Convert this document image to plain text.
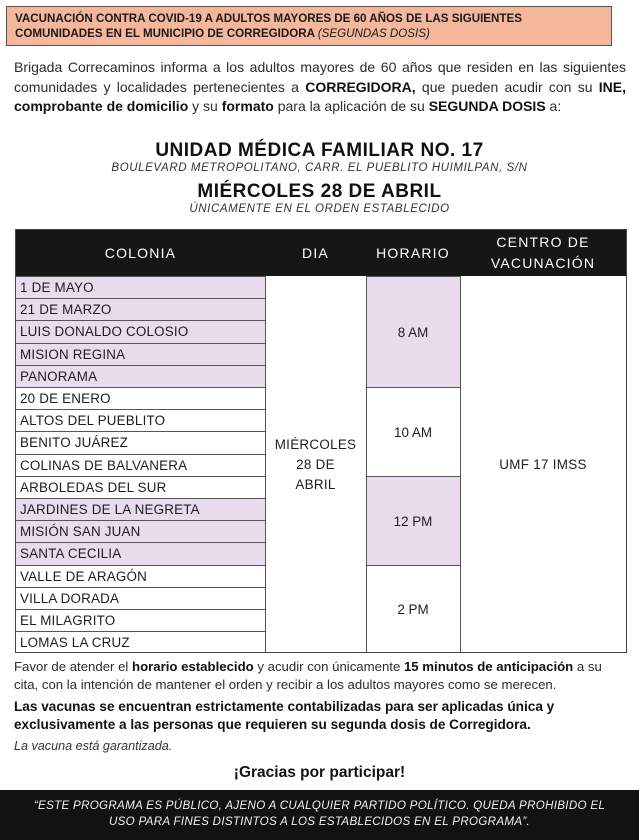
VACUNACIÓN CONTRA COVID-19 A ADULTOS MAYORES DE 60 AÑOS DE LAS SIGUIENTES COMUNIDADES EN EL MUNICIPIO DE CORREGIDORA (SEGUNDAS DOSIS)

Brigada Correcaminos informa a los adultos mayores de 60 años que residen en las siguientes comunidades y localidades pertenecientes a CORREGIDORA, que pueden acudir con su INE, comprobante de domicilio y su formato para la aplicación de su SEGUNDA DOSIS a:

UNIDAD MÉDICA FAMILIAR NO. 17
BOULEVARD METROPOLITANO, CARR. EL PUEBLITO HUIMILPAN, S/N
MIÉRCOLES 28 DE ABRIL
ÚNICAMENTE EN EL ORDEN ESTABLECIDO
COLONIA	DIA	HORARIO
CENTRO DE VACUNACIÓN
1 DE MAYO
21 DE MARZO
LUIS DONALDO COLOSIO
MISION REGINA
PANORAMA
20 DE ENERO
ALTOS DEL PUEBLITO
BENITO JUÁREZ
COLINAS DE BALVANERA
ARBOLEDAS DEL SUR
JARDINES DE LA NEGRETA
MISIÓN SAN JUAN
SANTA CECILIA
VALLE DE ARAGÓN
VILLA DORADA
EL MILAGRITO
LOMAS LA CRUZ
8 AM
10 AM
12 PM
2 PM
MIÉRCOLES 28 DE ABRIL
UMF 17 IMSS

Favor de atender el horario establecido y acudir con únicamente 15 minutos de anticipación a su cita, con la intención de mantener el orden y recibir a los adultos mayores como se merecen.

Las vacunas se encuentran estrictamente contabilizadas para ser aplicadas única y exclusivamente a las personas que requieren su segunda dosis de Corregidora.

La vacuna está garantizada.

¡Gracias por participar!
“ESTE PROGRAMA ES PÚBLICO, AJENO A CUALQUIER PARTIDO POLÍTICO. QUEDA PROHIBIDO EL USO PARA FINES DISTINTOS A LOS ESTABLECIDOS EN EL PROGRAMA”.
